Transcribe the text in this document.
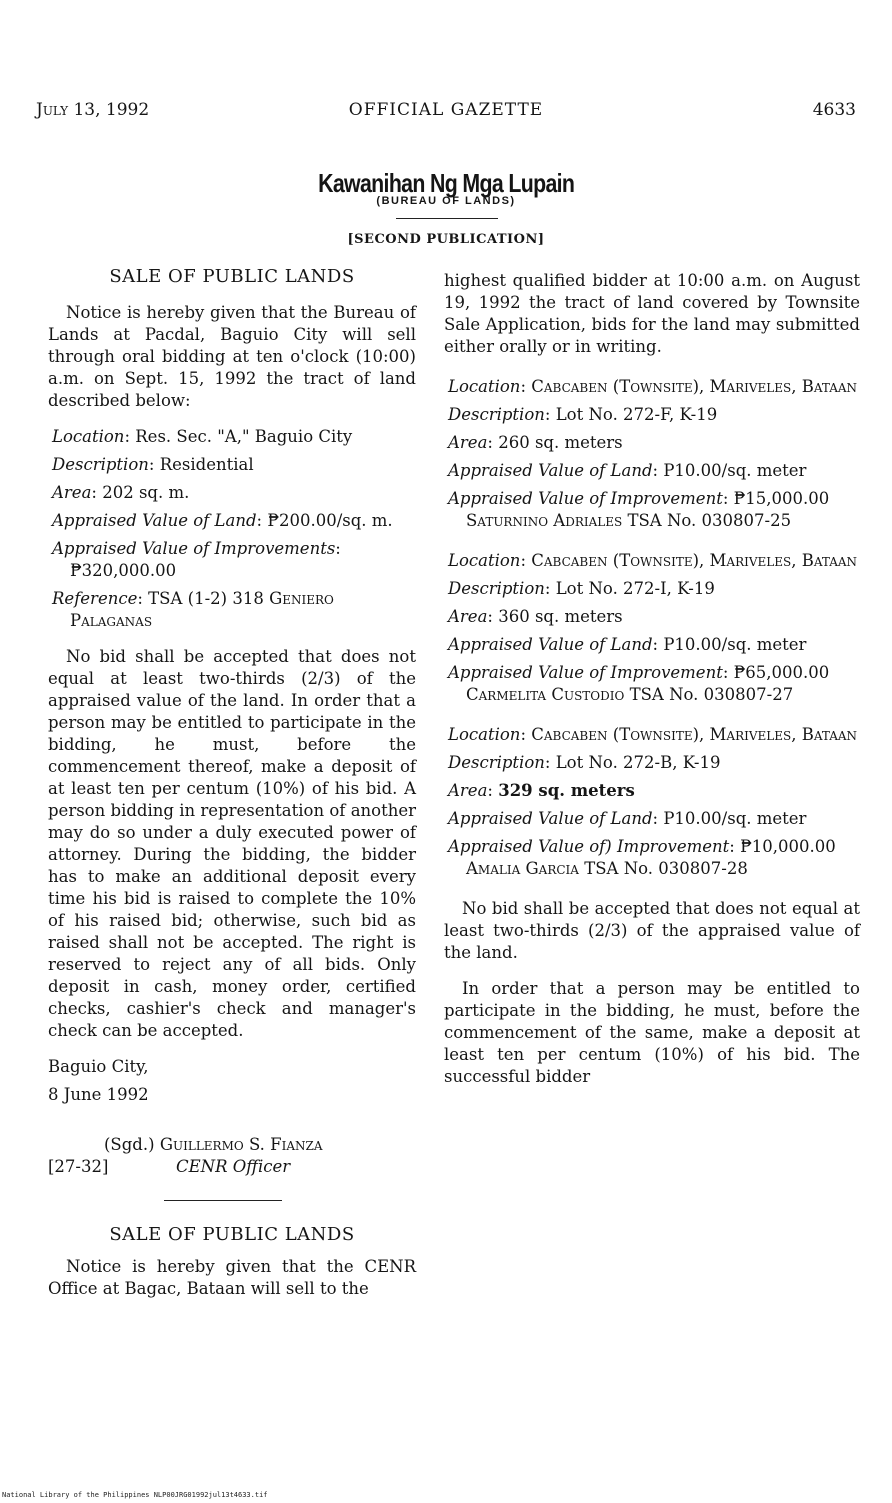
July 13, 1992	OFFICIAL GAZETTE	4633
Kawanihan Ng Mga Lupain
(BUREAU OF LANDS)
[SECOND PUBLICATION]
SALE OF PUBLIC LANDS

Notice is hereby given that the Bureau of Lands at Pacdal, Baguio City will sell through oral bidding at ten o'clock (10:00) a.m. on Sept. 15, 1992 the tract of land described below:

Location: Res. Sec. "A," Baguio City

Description: Residential

Area: 202 sq. m.

Appraised Value of Land: ₱200.00/sq. m.

Appraised Value of Improvements: ₱320,000.00

Reference: TSA (1-2) 318 Geniero Palaganas

No bid shall be accepted that does not equal at least two-thirds (2/3) of the appraised value of the land. In order that a person may be entitled to participate in the bidding, he must, before the commencement thereof, make a deposit of at least ten per centum (10%) of his bid. A person bidding in representation of another may do so under a duly executed power of attorney. During the bidding, the bidder has to make an additional deposit every time his bid is raised to complete the 10% of his raised bid; otherwise, such bid as raised shall not be accepted. The right is reserved to reject any of all bids. Only deposit in cash, money order, certified checks, cashier's check and manager's check can be accepted.

Baguio City,

8 June 1992

(Sgd.) Guillermo S. Fianza
[27-32]	CENR Officer
SALE OF PUBLIC LANDS

Notice is hereby given that the CENR Office at Bagac, Bataan will sell to the

highest qualified bidder at 10:00 a.m. on August 19, 1992 the tract of land covered by Townsite Sale Application, bids for the land may submitted either orally or in writing.

Location: Cabcaben (Townsite), Mariveles, Bataan

Description: Lot No. 272-F, K-19

Area: 260 sq. meters

Appraised Value of Land: P10.00/sq. meter

Appraised Value of Improvement: ₱15,000.00 Saturnino Adriales TSA No. 030807-25

Location: Cabcaben (Townsite), Mariveles, Bataan

Description: Lot No. 272-I, K-19

Area: 360 sq. meters

Appraised Value of Land: P10.00/sq. meter

Appraised Value of Improvement: ₱65,000.00 Carmelita Custodio TSA No. 030807-27

Location: Cabcaben (Townsite), Mariveles, Bataan

Description: Lot No. 272-B, K-19

Area: 329 sq. meters

Appraised Value of Land: P10.00/sq. meter

Appraised Value of) Improvement: ₱10,000.00 Amalia Garcia TSA No. 030807-28

No bid shall be accepted that does not equal at least two-thirds (2/3) of the appraised value of the land.

In order that a person may be entitled to participate in the bidding, he must, before the commencement of the same, make a deposit at least ten per centum (10%) of his bid. The successful bidder

National Library of the Philippines NLP00JRG01992jul13t4633.tif
